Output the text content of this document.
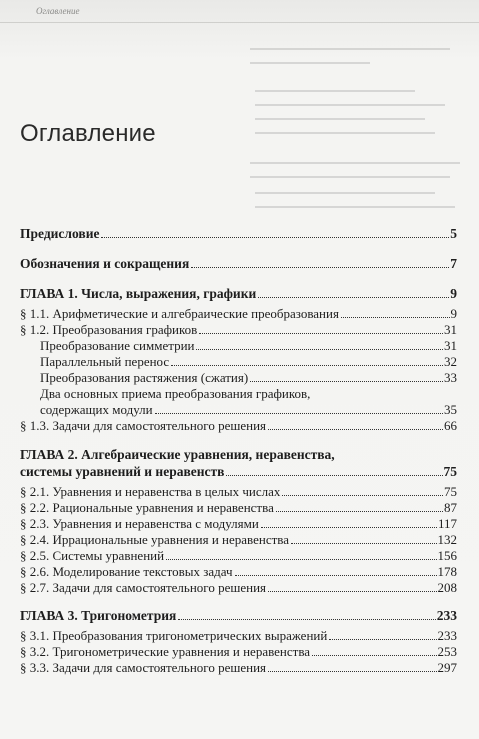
Оглавление
Оглавление
Предисловие	5
Обозначения и сокращения	7
ГЛАВА 1. Числа, выражения, графики	9
§ 1.1. Арифметические и алгебраические преобразования	9
§ 1.2. Преобразования графиков	31
Преобразование симметрии	31
Параллельный перенос	32
Преобразования растяжения (сжатия)	33
Два основных приема преобразования графиков,
содержащих модули	35
§ 1.3. Задачи для самостоятельного решения	66
ГЛАВА 2. Алгебраические уравнения, неравенства,
системы уравнений и неравенств	75
§ 2.1. Уравнения и неравенства в целых числах	75
§ 2.2. Рациональные уравнения и неравенства	87
§ 2.3. Уравнения и неравенства с модулями	117
§ 2.4. Иррациональные уравнения и неравенства	132
§ 2.5. Системы уравнений	156
§ 2.6. Моделирование текстовых задач	178
§ 2.7. Задачи для самостоятельного решения	208
ГЛАВА 3. Тригонометрия	233
§ 3.1. Преобразования тригонометрических выражений	233
§ 3.2. Тригонометрические уравнения и неравенства	253
§ 3.3. Задачи для самостоятельного решения	297
